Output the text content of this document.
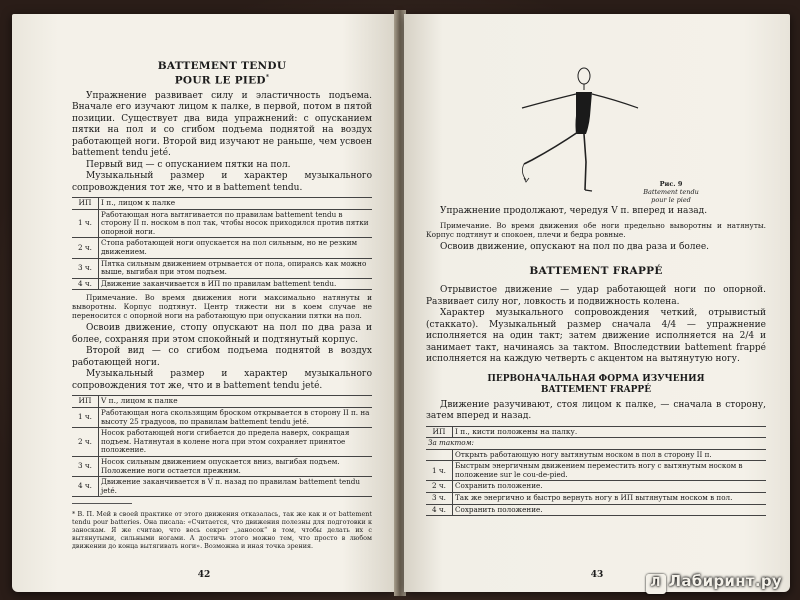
BATTEMENT TENDU
POUR LE PIED*

Упражнение развивает силу и эластичность подъема. Вначале его изучают лицом к палке, в первой, потом в пятой позиции. Существует два вида упражнений: с опусканием пятки на пол и со сгибом подъема поднятой на воздух работающей ноги. Второй вид изучают не раньше, чем усвоен battement tendu jeté.

Первый вид — с опусканием пятки на пол.

Музыкальный размер и характер музыкального сопровождения тот же, что и в battement tendu.

ИП	I п., лицом к палке
1 ч.	Работающая нога вытягивается по правилам battement tendu в сторону II п. носком в пол так, чтобы носок приходился против пятки опорной ноги.
2 ч.	Стопа работающей ноги опускается на пол сильным, но не резким движением.
3 ч.	Пятка сильным движением отрывается от пола, опираясь как можно выше, выгибая при этом подъем.
4 ч.	Движение заканчивается в ИП по правилам battement tendu.

Примечание. Во время движения ноги максимально натянуты и выворотны. Корпус подтянут. Центр тяжести ни в коем случае не переносится с опорной ноги на работающую при опускании пятки на пол.

Освоив движение, стопу опускают на пол по два раза и более, сохраняя при этом спокойный и подтянутый корпус.

Второй вид — со сгибом подъема поднятой в воздух работающей ноги.

Музыкальный размер и характер музыкального сопровождения тот же, что и в battement tendu jeté.

ИП	V п., лицом к палке
1 ч.	Работающая нога скользящим броском открывается в сторону II п. на высоту 25 градусов, по правилам battement tendu jeté.
2 ч.	Носок работающей ноги сгибается до предела наверх, сокращая подъем. Натянутая в колене нога при этом сохраняет принятое положение.
3 ч.	Носок сильным движением опускается вниз, выгибая подъем. Положение ноги остается прежним.
4 ч.	Движение заканчивается в V п. назад по правилам battement tendu jeté.
* В. П. Мей в своей практике от этого движения отказалась, так же как и от battement tendu pour batteries. Она писала: «Считается, что движения полезны для подготовки к заноскам. Я же считаю, что весь секрет „заносок“ в том, чтобы делать их с вытянутыми, сильными ногами. А достичь этого можно тем, что просто в любом движении до конца вытягивать ноги». Возможна и иная точка зрения.
42
Рис. 9
Battement tendu
pour le pied

Упражнение продолжают, чередуя V п. вперед и назад.

Примечание. Во время движения обе ноги предельно выворотны и натянуты. Корпус подтянут и спокоен, плечи и бедра ровные.

Освоив движение, опускают на пол по два раза и более.

BATTEMENT FRAPPÉ

Отрывистое движение — удар работающей ноги по опорной. Развивает силу ног, ловкость и подвижность колена.

Характер музыкального сопровождения четкий, отрывистый (стаккато). Музыкальный размер сначала 4/4 — упражнение исполняется на один такт; затем движение исполняется на 2/4 и занимает такт, начинаясь за тактом. Впоследствии battement frappé исполняется на каждую четверть с акцентом на вытянутую ногу.

ПЕРВОНАЧАЛЬНАЯ ФОРМА ИЗУЧЕНИЯ
BATTEMENT FRAPPÉ

Движение разучивают, стоя лицом к палке, — сначала в сторону, затем вперед и назад.

ИП	I п., кисти положены на палку.
За тактом:	
	Открыть работающую ногу вытянутым носком в пол в сторону II п.
1 ч.	Быстрым энергичным движением переместить ногу с вытянутым носком в положение sur le cou-de-pied.
2 ч.	Сохранить положение.
3 ч.	Так же энергично и быстро вернуть ногу в ИП вытянутым носком в пол.
4 ч.	Сохранить положение.
43	Л Лабиринт.ру
